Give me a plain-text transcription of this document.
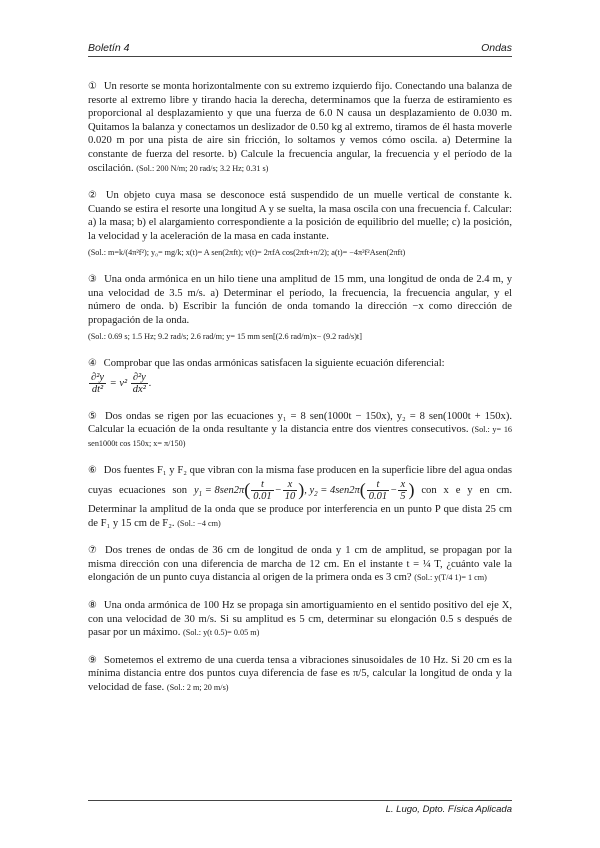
Boletín 4	Ondas

① Un resorte se monta horizontalmente con su extremo izquierdo fijo. Conectando una balanza de resorte al extremo libre y tirando hacia la derecha, determinamos que la fuerza de estiramiento es proporcional al desplazamiento y que una fuerza de 6.0 N causa un desplazamiento de 0.030 m. Quitamos la balanza y conectamos un deslizador de 0.50 kg al extremo, tiramos de él hasta moverle 0.020 m por una pista de aire sin fricción, lo soltamos y vemos cómo oscila. a) Determine la constante de fuerza del resorte. b) Calcule la frecuencia angular, la frecuencia y el período de la oscilación. (Sol.: 200 N/m; 20 rad/s; 3.2 Hz; 0.31 s)

② Un objeto cuya masa se desconoce está suspendido de un muelle vertical de constante k. Cuando se estira el resorte una longitud A y se suelta, la masa oscila con una frecuencia f. Calcular: a) la masa; b) el alargamiento correspondiente a la posición de equilibrio del muelle; c) la posición, la velocidad y la aceleración de la masa en cada instante.
(Sol.: m=k/(4π²f²); y₀= mg/k; x(t)= A sen(2πft); v(t)= 2πfA cos(2πft+π/2); a(t)= −4π²f²Asen(2πft)

③ Una onda armónica en un hilo tiene una amplitud de 15 mm, una longitud de onda de 2.4 m, y una velocidad de 3.5 m/s. a) Determinar el período, la frecuencia, la frecuencia angular, y el número de onda. b) Escribir la función de onda tomando la dirección −x como dirección de propagación de la onda.
(Sol.: 0.69 s; 1.5 Hz; 9.2 rad/s; 2.6 rad/m; y= 15 mm sen[(2.6 rad/m)x− (9.2 rad/s)t]

④ Comprobar que las ondas armónicas satisfacen la siguiente ecuación diferencial:

$\frac{\text{∂²y}}{\text{dt²}} = v^2 \frac{\text{∂²y}}{\text{dx²}}$ .

⑤ Dos ondas se rigen por las ecuaciones y₁ = 8 sen(1000t − 150x), y₂ = 8 sen(1000t + 150x). Calcular la ecuación de la onda resultante y la distancia entre dos vientres consecutivos. (Sol.: y= 16 sen1000t cos 150x; x= π/150)

⑥ Dos fuentes F₁ y F₂ que vibran con la misma fase producen en la superficie libre del agua ondas cuyas ecuaciones son $y_1 = 8sen2\pi( \frac{t}{0.01} - \frac{x}{10}$ ), $y_2 = 4sen2\pi( \frac{t}{0.01} - \frac{x}{5}$ ) con x e y en cm. Determinar la amplitud de la onda que se produce por interferencia en un punto P que dista 25 cm de F₁ y 15 cm de F₂. (Sol.: −4 cm)

⑦ Dos trenes de ondas de 36 cm de longitud de onda y 1 cm de amplitud, se propagan por la misma dirección con una diferencia de marcha de 12 cm. En el instante t = ¼ T, ¿cuánto vale la elongación de un punto cuya distancia al origen de la primera onda es 3 cm? (Sol.: y(T/4 1)= 1 cm)

⑧ Una onda armónica de 100 Hz se propaga sin amortiguamiento en el sentido positivo del eje X, con una velocidad de 30 m/s. Si su amplitud es 5 cm, determinar su elongación 0.5 s después de pasar por un máximo. (Sol.: y(t 0.5)= 0.05 m)

⑨ Sometemos el extremo de una cuerda tensa a vibraciones sinusoidales de 10 Hz. Si 20 cm es la mínima distancia entre dos puntos cuya diferencia de fase es π/5, calcular la longitud de onda y la velocidad de fase. (Sol.: 2 m; 20 m/s)

L. Lugo, Dpto. Física Aplicada
